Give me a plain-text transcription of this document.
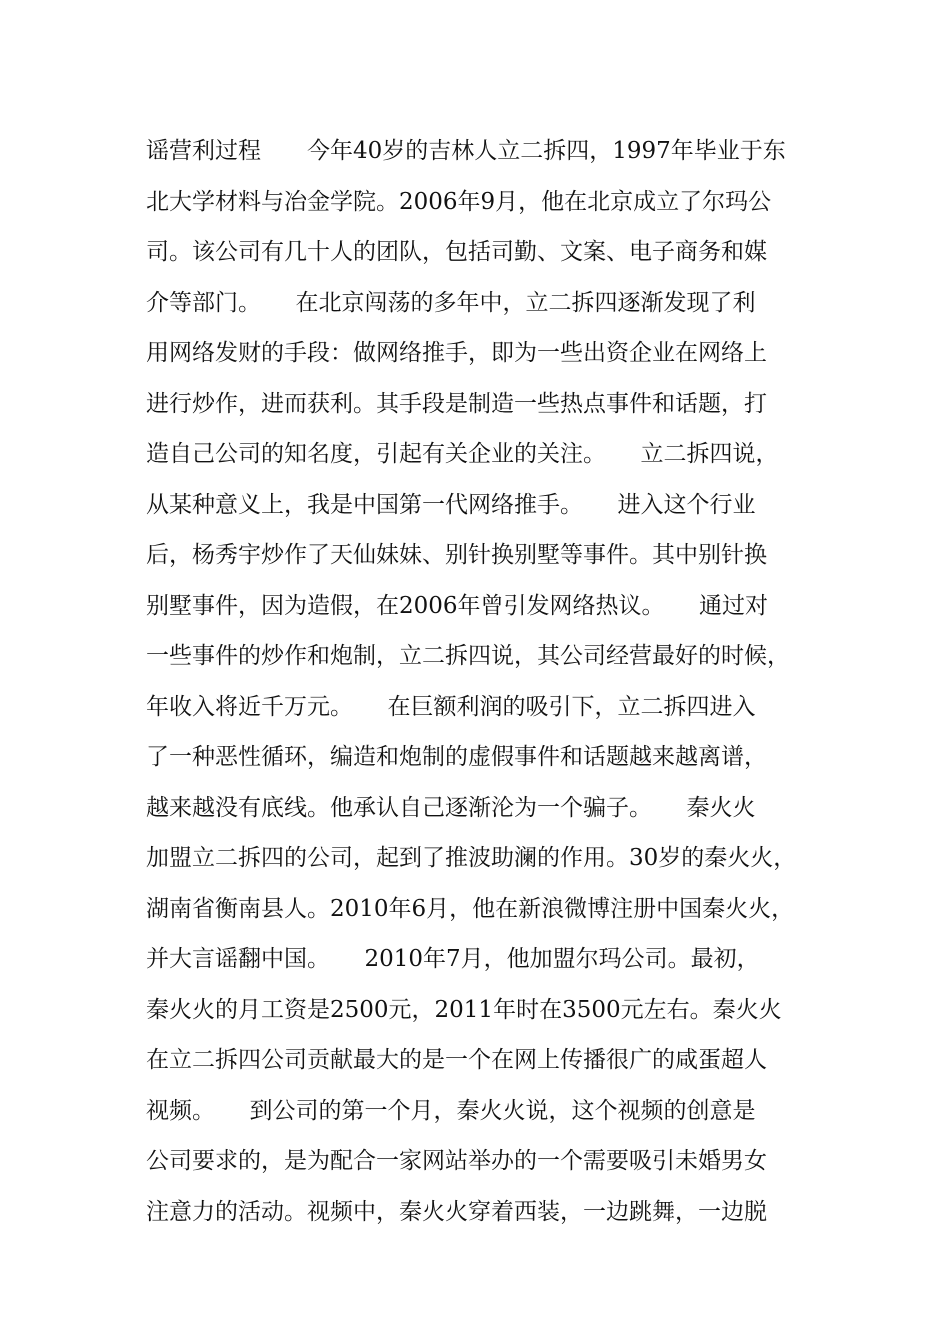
谣营利过程　　今年40岁的吉林人立二拆四，1997年毕业于东
北大学材料与冶金学院。2006年9月，他在北京成立了尔玛公
司。该公司有几十人的团队，包括司勤、文案、电子商务和媒
介等部门。　　在北京闯荡的多年中，立二拆四逐渐发现了利
用网络发财的手段：做网络推手，即为一些出资企业在网络上
进行炒作，进而获利。其手段是制造一些热点事件和话题，打
造自己公司的知名度，引起有关企业的关注。　　立二拆四说，
从某种意义上，我是中国第一代网络推手。　　进入这个行业
后，杨秀宇炒作了天仙妹妹、别针换别墅等事件。其中别针换
别墅事件，因为造假，在2006年曾引发网络热议。　　通过对
一些事件的炒作和炮制，立二拆四说，其公司经营最好的时候，
年收入将近千万元。　　在巨额利润的吸引下，立二拆四进入
了一种恶性循环，编造和炮制的虚假事件和话题越来越离谱，
越来越没有底线。他承认自己逐渐沦为一个骗子。　　秦火火
加盟立二拆四的公司，起到了推波助澜的作用。30岁的秦火火，
湖南省衡南县人。2010年6月，他在新浪微博注册中国秦火火，
并大言谣翻中国。　　2010年7月，他加盟尔玛公司。最初，
秦火火的月工资是2500元，2011年时在3500元左右。秦火火
在立二拆四公司贡献最大的是一个在网上传播很广的咸蛋超人
视频。　　到公司的第一个月，秦火火说，这个视频的创意是
公司要求的，是为配合一家网站举办的一个需要吸引未婚男女
注意力的活动。视频中，秦火火穿着西装，一边跳舞，一边脱
